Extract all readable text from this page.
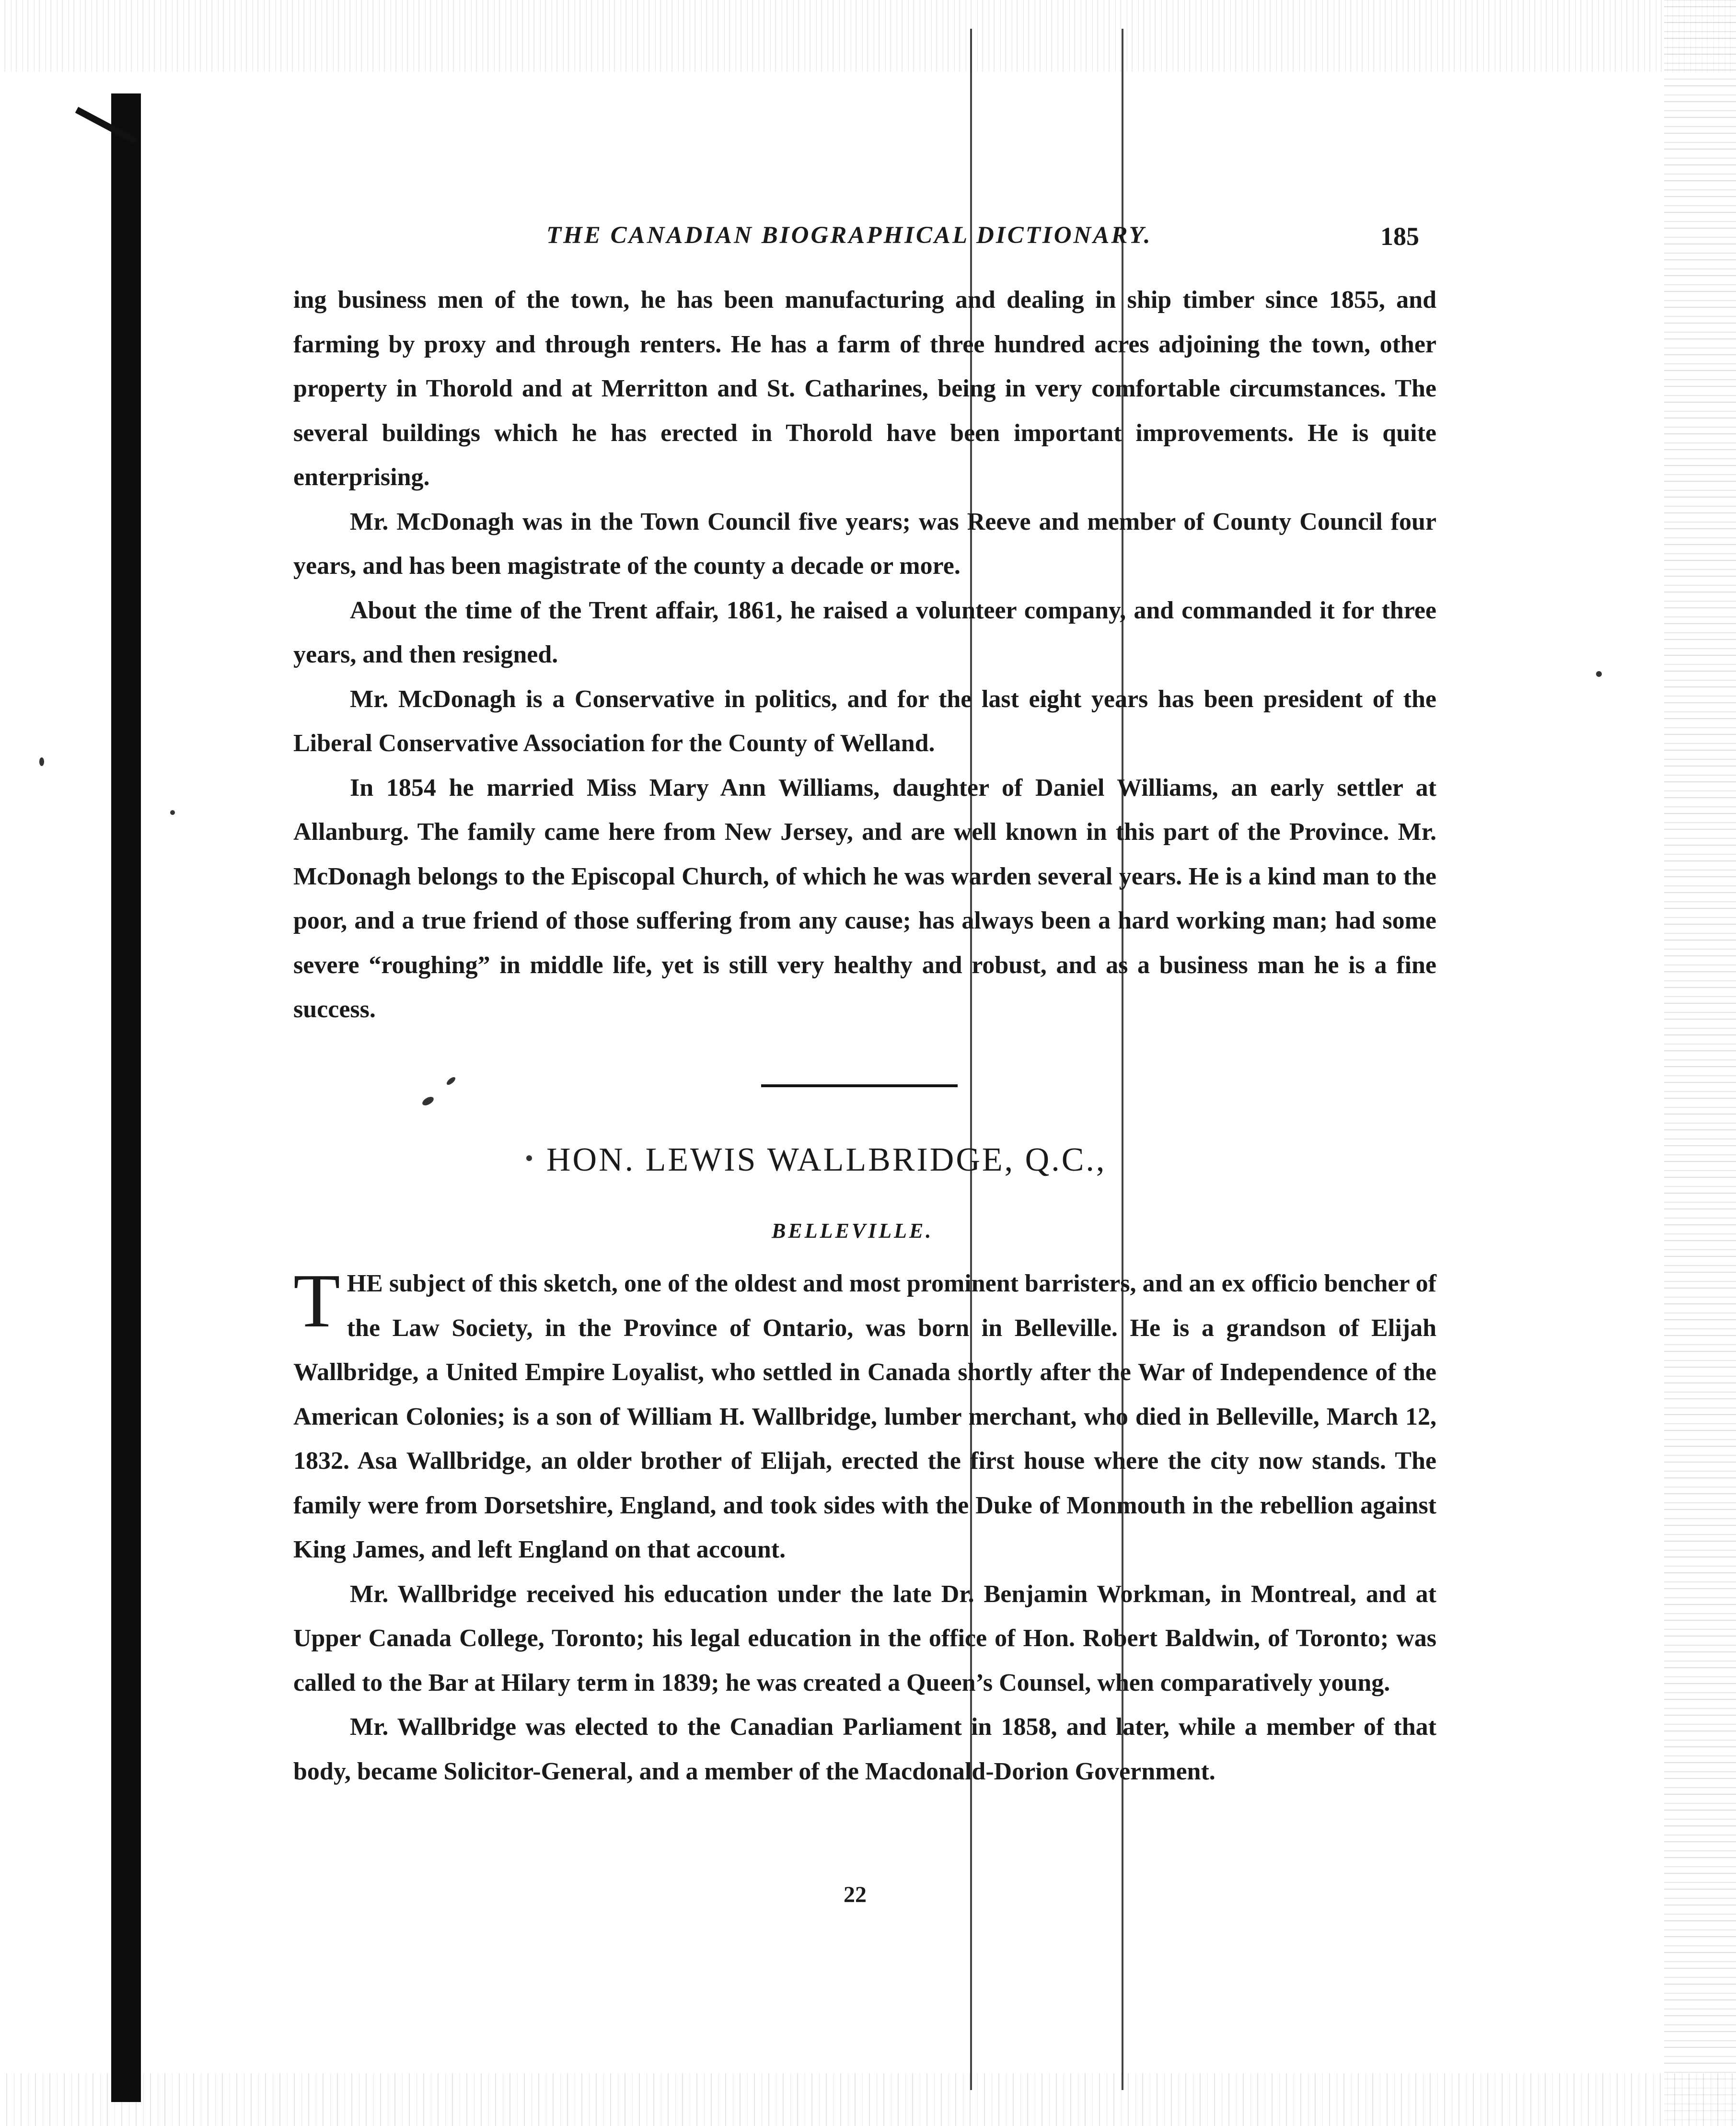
THE CANADIAN BIOGRAPHICAL DICTIONARY.	185

ing business men of the town, he has been manufacturing and dealing in ship timber since 1855, and farming by proxy and through renters. He has a farm of three hundred acres adjoining the town, other property in Thorold and at Merritton and St. Catharines, being in very comfortable circumstances. The several buildings which he has erected in Thorold have been important improvements. He is quite enterprising.

Mr. McDonagh was in the Town Council five years; was Reeve and member of County Council four years, and has been magistrate of the county a decade or more.

About the time of the Trent affair, 1861, he raised a volunteer company, and commanded it for three years, and then resigned.

Mr. McDonagh is a Conservative in politics, and for the last eight years has been president of the Liberal Conservative Association for the County of Welland.

In 1854 he married Miss Mary Ann Williams, daughter of Daniel Williams, an early settler at Allanburg. The family came here from New Jersey, and are well known in this part of the Province. Mr. McDonagh belongs to the Episcopal Church, of which he was warden several years. He is a kind man to the poor, and a true friend of those suffering from any cause; has always been a hard working man; had some severe “roughing” in middle life, yet is still very healthy and robust, and as a business man he is a fine success.

HON. LEWIS WALLBRIDGE, Q.C.,
BELLEVILLE.

THE subject of this sketch, one of the oldest and most prominent barristers, and an ex officio bencher of the Law Society, in the Province of Ontario, was born in Belleville. He is a grandson of Elijah Wallbridge, a United Empire Loyalist, who settled in Canada shortly after the War of Independence of the American Colonies; is a son of William H. Wallbridge, lumber merchant, who died in Belleville, March 12, 1832. Asa Wallbridge, an older brother of Elijah, erected the first house where the city now stands. The family were from Dorsetshire, England, and took sides with the Duke of Monmouth in the rebellion against King James, and left England on that account.

Mr. Wallbridge received his education under the late Dr. Benjamin Workman, in Montreal, and at Upper Canada College, Toronto; his legal education in the office of Hon. Robert Baldwin, of Toronto; was called to the Bar at Hilary term in 1839; he was created a Queen’s Counsel, when comparatively young.

Mr. Wallbridge was elected to the Canadian Parliament in 1858, and later, while a member of that body, became Solicitor-General, and a member of the Macdonald-Dorion Government.

22
